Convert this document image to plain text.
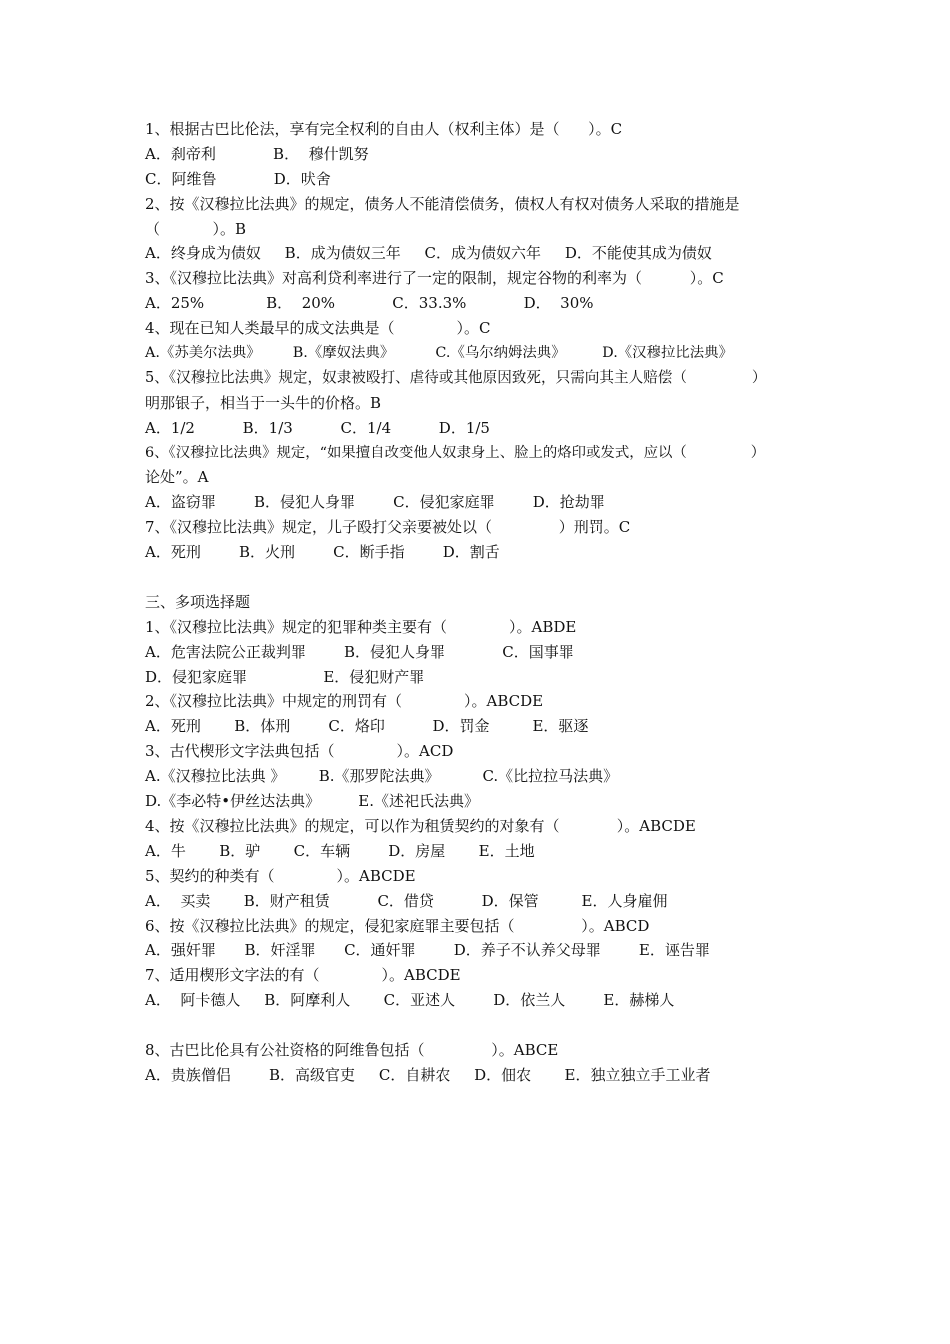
1、根据古巴比伦法，享有完全权利的自由人（权利主体）是（      ）。C
A．刹帝利            B．  穆什凯努
C．阿维鲁            D．吠舍
2、按《汉穆拉比法典》的规定，债务人不能清偿债务，债权人有权对债务人采取的措施是
（           ）。B
A．终身成为债奴     B．成为债奴三年     C．成为债奴六年     D．不能使其成为债奴
3、《汉穆拉比法典》对高利贷利率进行了一定的限制，规定谷物的利率为（          ）。C
A．25%             B．  20%            C．33.3%            D．  30%
4、现在已知人类最早的成文法典是（             ）。C
A.《苏美尔法典》       B.《摩奴法典》         C.《乌尔纳姆法典》        D.《汉穆拉比法典》
5、《汉穆拉比法典》规定，奴隶被殴打、虐待或其他原因致死，只需向其主人赔偿（              ）
明那银子，相当于一头牛的价格。B
A．1/2          B．1/3          C．1/4          D．1/5
6、《汉穆拉比法典》规定，“如果擅自改变他人奴隶身上、脸上的烙印或发式，应以（              ）
论处”。A
A．盗窃罪        B．侵犯人身罪        C．侵犯家庭罪        D．抢劫罪
7、《汉穆拉比法典》规定，儿子殴打父亲要被处以（              ）刑罚。C
A．死刑        B．火刑        C．断手指        D．割舌
三、多项选择题
1、《汉穆拉比法典》规定的犯罪种类主要有（             ）。ABDE
A．危害法院公正裁判罪        B．侵犯人身罪            C．国事罪
D．侵犯家庭罪                E．侵犯财产罪
2、《汉穆拉比法典》中规定的刑罚有（             ）。ABCDE
A．死刑       B．体刑        C．烙印          D．罚金         E．驱逐
3、古代楔形文字法典包括（             ）。ACD
A.《汉穆拉比法典 》       B.《那罗陀法典》         C.《比拉拉马法典》
D.《李必特•伊丝达法典》        E.《述祀氏法典》
4、按《汉穆拉比法典》的规定，可以作为租赁契约的对象有（            ）。ABCDE
A．牛       B．驴       C．车辆        D．房屋       E．土地
5、契约的种类有（             ）。ABCDE
A．  买卖       B．财产租赁          C．借贷          D．保管         E．人身雇佣
6、按《汉穆拉比法典》的规定，侵犯家庭罪主要包括（              ）。ABCD
A．强奸罪      B．奸淫罪      C．通奸罪        D．养子不认养父母罪        E．诬告罪
7、适用楔形文字法的有（             ）。ABCDE
A．  阿卡德人     B．阿摩利人       C．亚述人        D．依兰人        E．赫梯人
8、古巴比伦具有公社资格的阿维鲁包括（              ）。ABCE
A．贵族僧侣        B．高级官吏     C．自耕农     D．佃农       E．独立独立手工业者
